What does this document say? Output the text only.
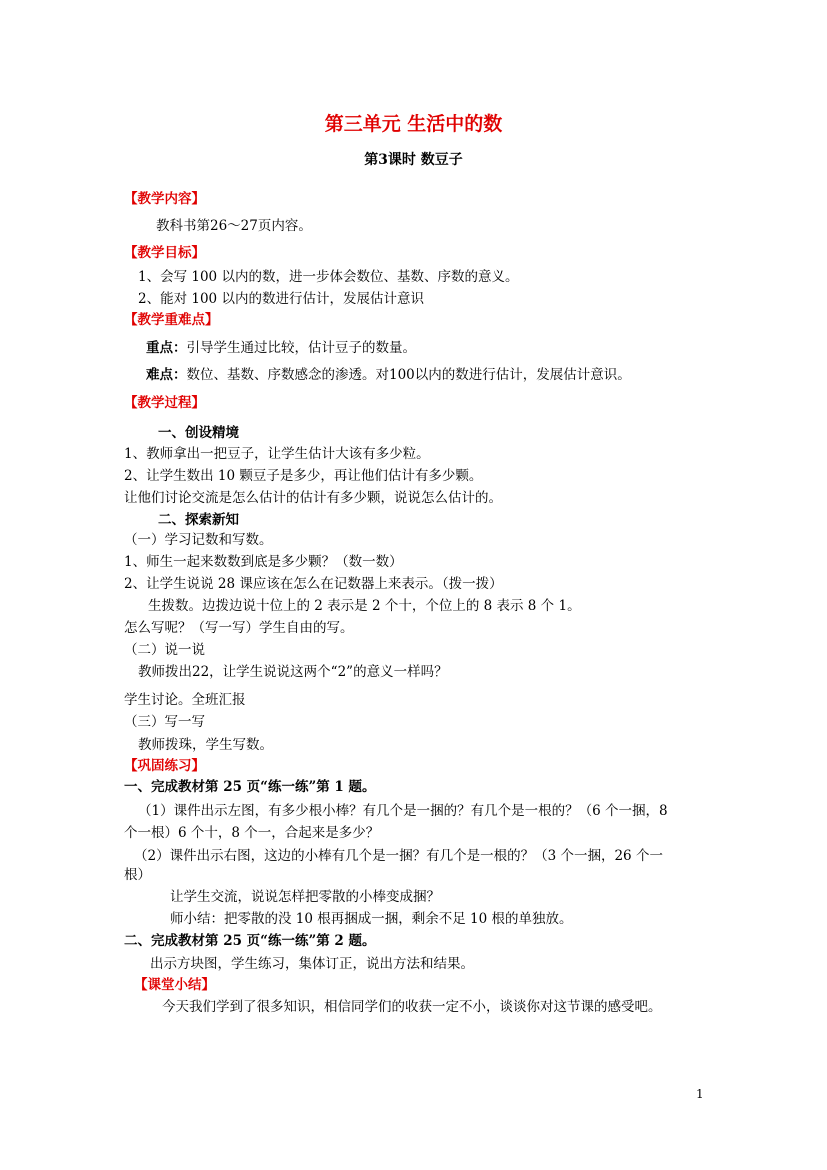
第三单元 生活中的数
第3课时 数豆子
【教学内容】
教科书第26～27页内容。
【教学目标】
1、会写 100 以内的数，进一步体会数位、基数、序数的意义。
2、能对 100 以内的数进行估计，发展估计意识
【教学重难点】
重点：引导学生通过比较，估计豆子的数量。
难点：数位、基数、序数感念的渗透。对100以内的数进行估计，发展估计意识。
【教学过程】
一、创设精境
1、教师拿出一把豆子，让学生估计大该有多少粒。
2、让学生数出 10 颗豆子是多少，再让他们估计有多少颗。
让他们讨论交流是怎么估计的估计有多少颗，说说怎么估计的。
二、探索新知
（一）学习记数和写数。
1、师生一起来数数到底是多少颗？（数一数）
2、让学生说说 28 课应该在怎么在记数器上来表示。（拨一拨）
生拨数。边拨边说十位上的 2 表示是 2 个十，个位上的 8 表示 8 个 1。
怎么写呢？（写一写）学生自由的写。
（二）说一说
教师拨出22，让学生说说这两个“2”的意义一样吗？
学生讨论。全班汇报
（三）写一写
教师拨珠，学生写数。
【巩固练习】
一、完成教材第 25 页“练一练”第 1 题。
（1）课件出示左图，有多少根小棒？有几个是一捆的？有几个是一根的？（6 个一捆，8
个一根）6 个十，8 个一，合起来是多少？
（2）课件出示右图，这边的小棒有几个是一捆？有几个是一根的？（3 个一捆，26 个一
根）
让学生交流，说说怎样把零散的小棒变成捆？
师小结：把零散的没 10 根再捆成一捆，剩余不足 10 根的单独放。
二、完成教材第 25 页“练一练”第 2 题。
出示方块图，学生练习，集体订正，说出方法和结果。
【课堂小结】
今天我们学到了很多知识，相信同学们的收获一定不小，谈谈你对这节课的感受吧。
1
